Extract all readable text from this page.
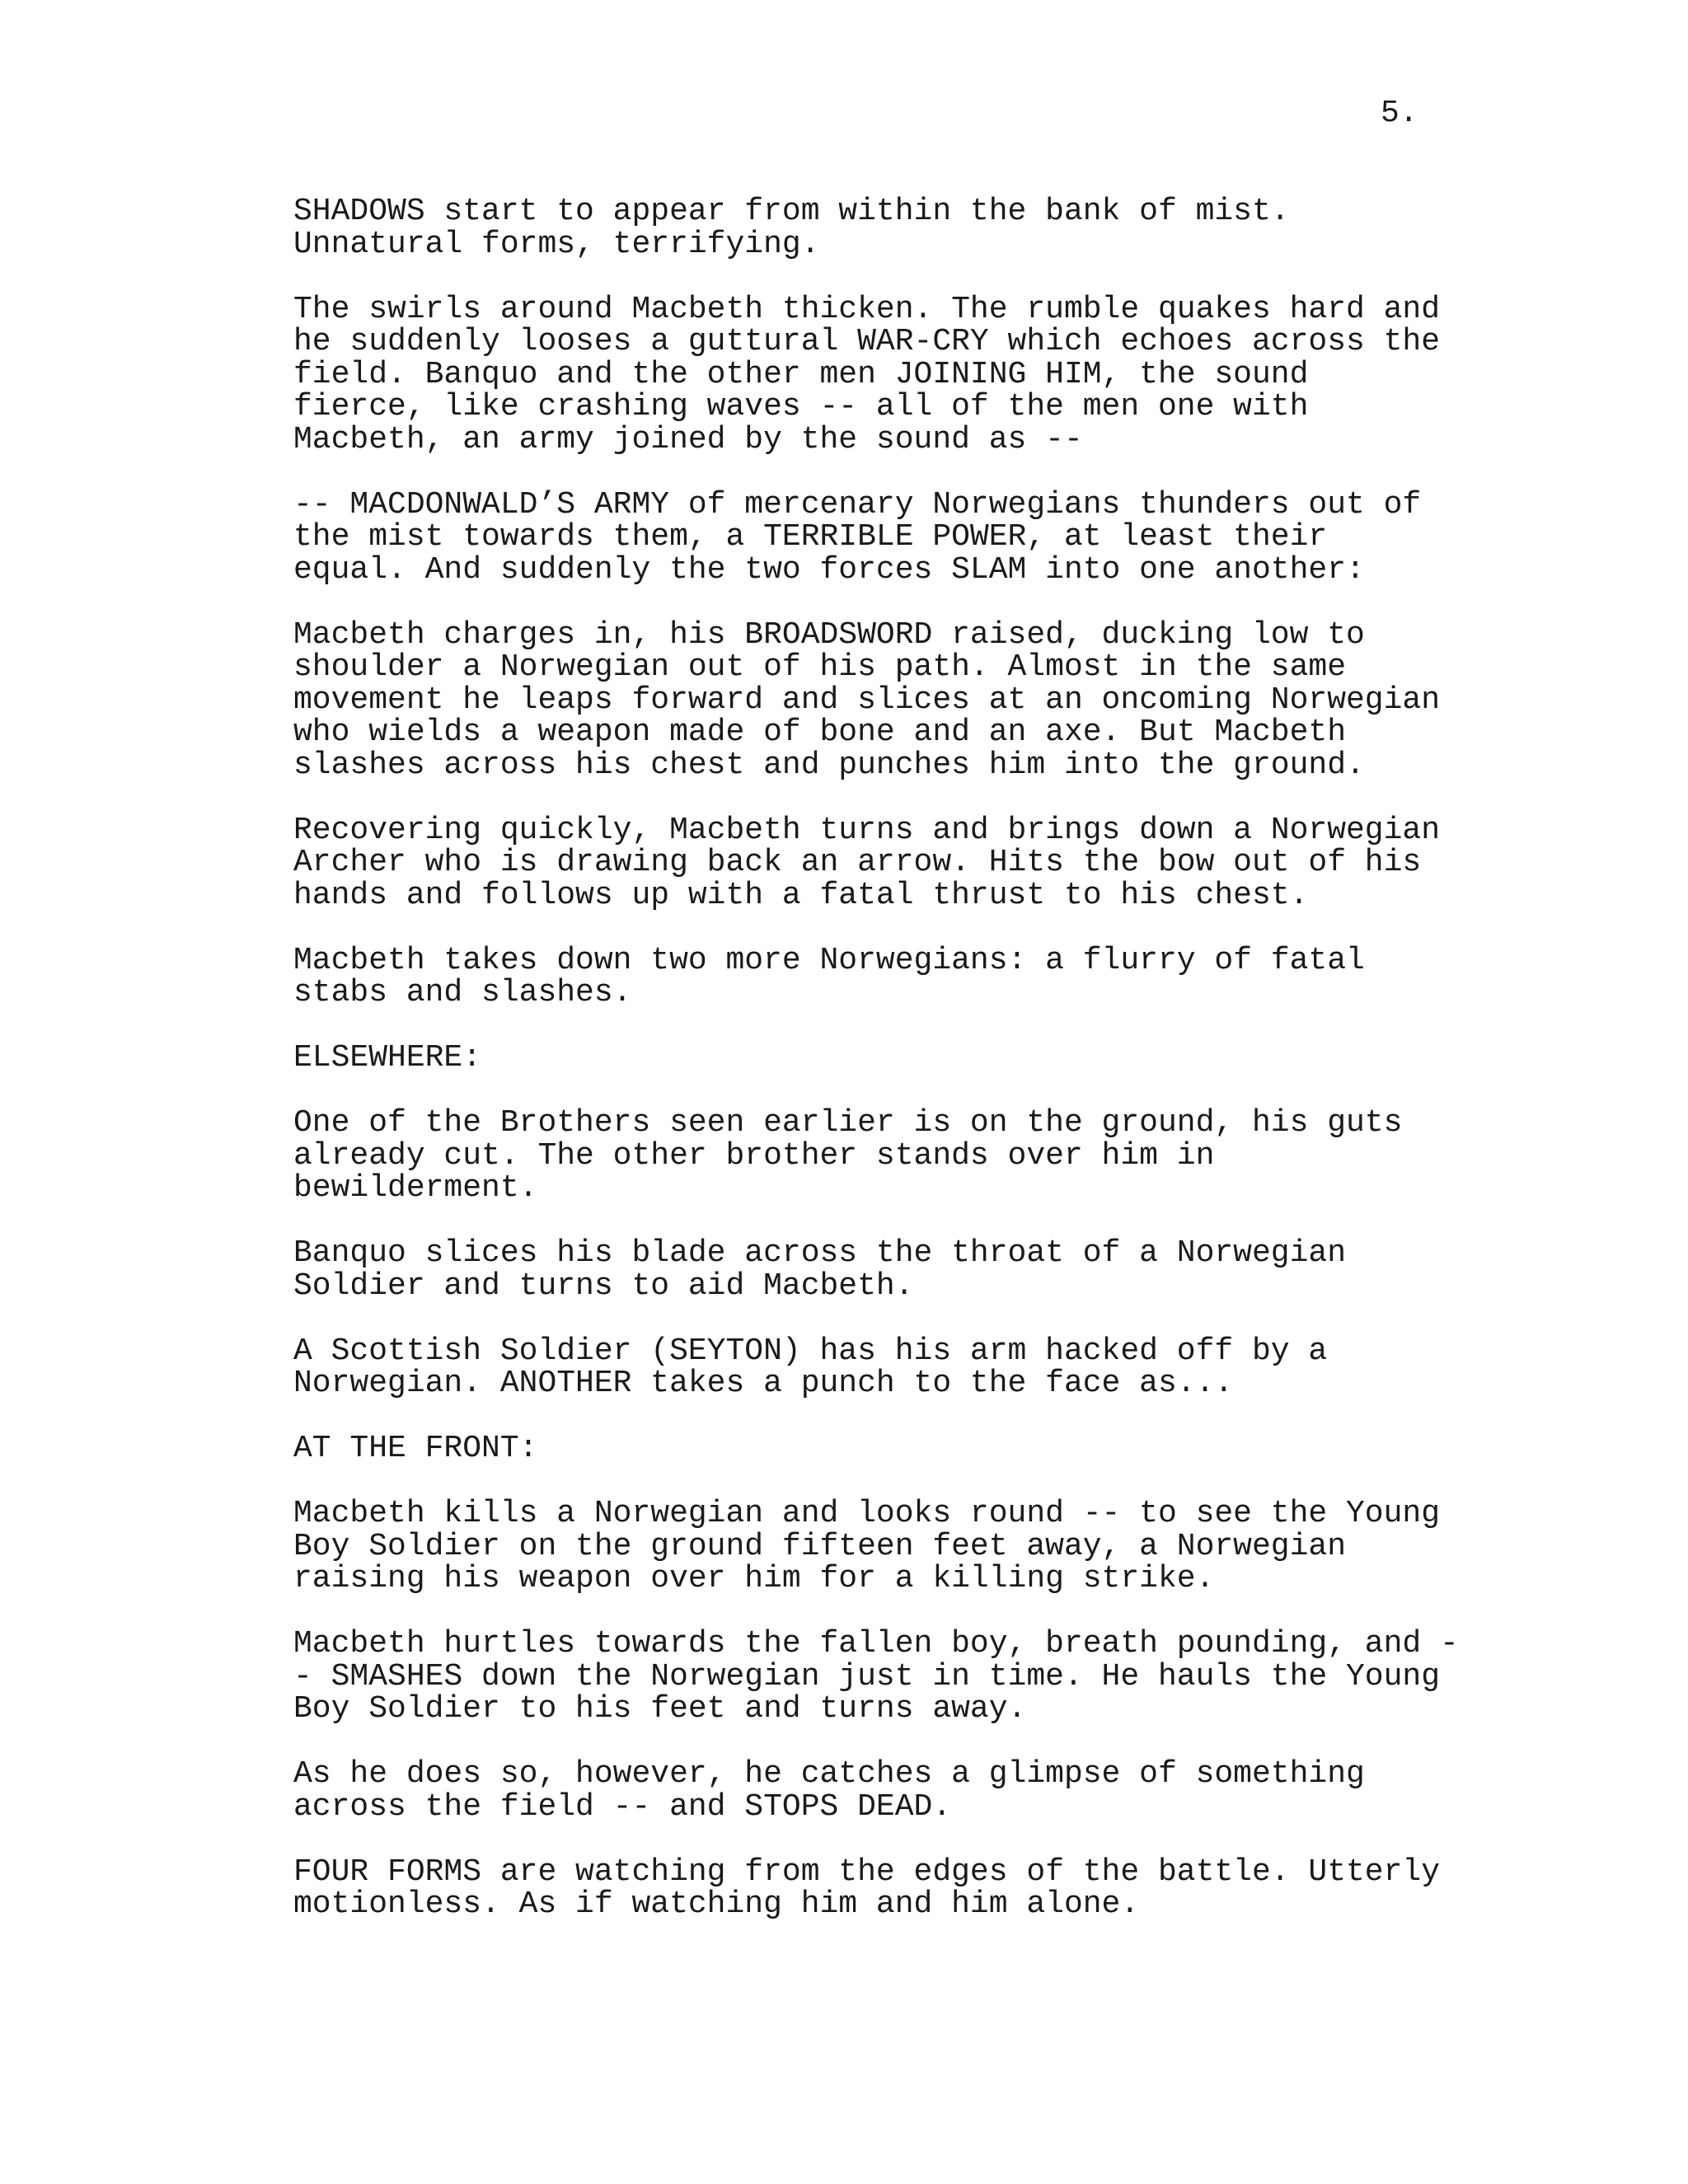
5.
SHADOWS start to appear from within the bank of mist.
Unnatural forms, terrifying.
The swirls around Macbeth thicken. The rumble quakes hard and
he suddenly looses a guttural WAR-CRY which echoes across the
field. Banquo and the other men JOINING HIM, the sound
fierce, like crashing waves -- all of the men one with
Macbeth, an army joined by the sound as --
-- MACDONWALD’S ARMY of mercenary Norwegians thunders out of
the mist towards them, a TERRIBLE POWER, at least their
equal. And suddenly the two forces SLAM into one another:
Macbeth charges in, his BROADSWORD raised, ducking low to
shoulder a Norwegian out of his path. Almost in the same
movement he leaps forward and slices at an oncoming Norwegian
who wields a weapon made of bone and an axe. But Macbeth
slashes across his chest and punches him into the ground.
Recovering quickly, Macbeth turns and brings down a Norwegian
Archer who is drawing back an arrow. Hits the bow out of his
hands and follows up with a fatal thrust to his chest.
Macbeth takes down two more Norwegians: a flurry of fatal
stabs and slashes.
ELSEWHERE:
One of the Brothers seen earlier is on the ground, his guts
already cut. The other brother stands over him in
bewilderment.
Banquo slices his blade across the throat of a Norwegian
Soldier and turns to aid Macbeth.
A Scottish Soldier (SEYTON) has his arm hacked off by a
Norwegian. ANOTHER takes a punch to the face as...
AT THE FRONT:
Macbeth kills a Norwegian and looks round -- to see the Young
Boy Soldier on the ground fifteen feet away, a Norwegian
raising his weapon over him for a killing strike.
Macbeth hurtles towards the fallen boy, breath pounding, and -
- SMASHES down the Norwegian just in time. He hauls the Young
Boy Soldier to his feet and turns away.
As he does so, however, he catches a glimpse of something
across the field -- and STOPS DEAD.
FOUR FORMS are watching from the edges of the battle. Utterly
motionless. As if watching him and him alone.
